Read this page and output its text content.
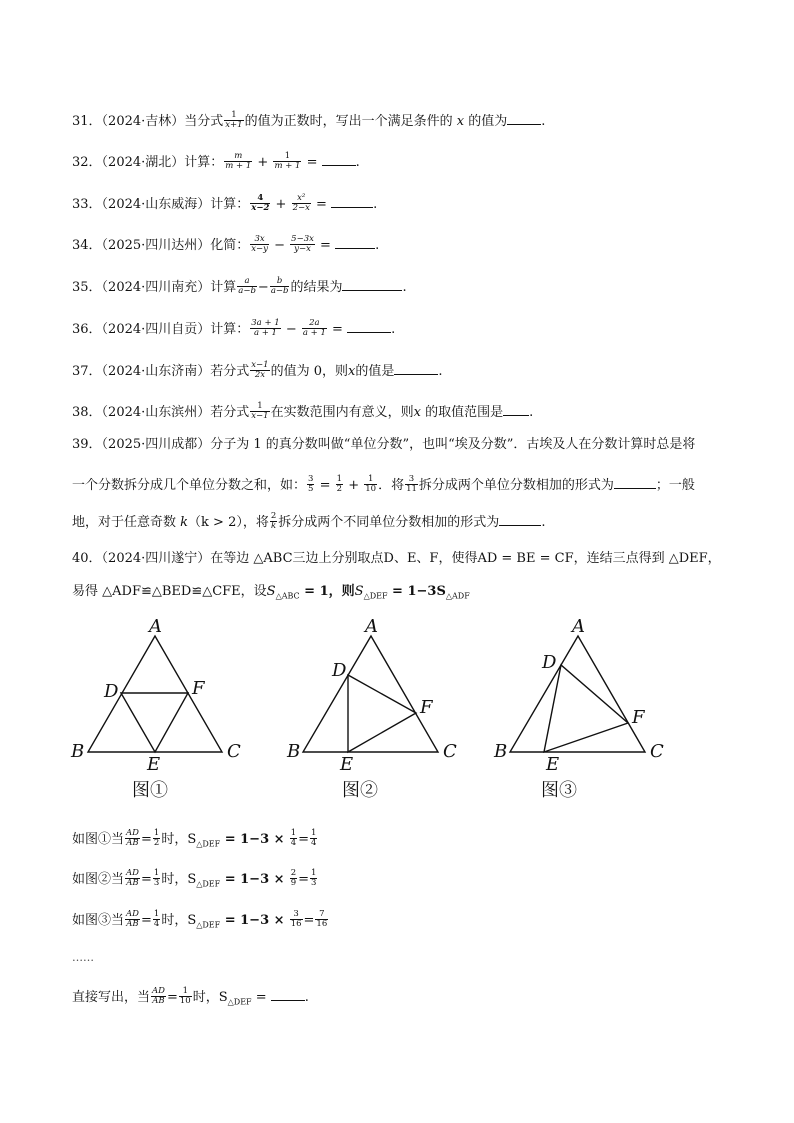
31．（2024·吉林）当分式 $\frac{1}{x+1}$ 的值为正数时，写出一个满足条件的 x 的值为	.
32．（2024·湖北）计算： $\frac{m}{m + 1} + \frac{1}{m + 1}$ =	.
33．（2024·山东威海）计算： $\frac{4}{x-2} + \frac{\text{x²}}{2-x}$ =	.
34．（2025·四川达州）化简： $\frac{3x}{x-y} - \frac{5-3x}{y-x}$ =	.
35．（2024·四川南充）计算 $\frac{a}{a-b} - \frac{b}{a-b}$ 的结果为	.
36．（2024·四川自贡）计算： $\frac{3a + 1}{a + 1} - \frac{2a}{a + 1}$ =	.
37．（2024·山东济南）若分式 $\frac{x-1}{2x}$ 的值为 0，则x的值是	.
38．（2024·山东滨州）若分式 $\frac{1}{x-1}$ 在实数范围内有意义，则x 的取值范围是 .
39．（2025·四川成都）分子为 1 的真分数叫做“单位分数”，也叫“埃及分数”．古埃及人在分数计算时总是将
一个分数拆分成几个单位分数之和，如： $\frac{3}{5} = \frac{1}{2} + \frac{1}{10}$ ．将 $\frac{3}{11}$ 拆分成两个单位分数相加的形式为	；一般
地，对于任意奇数 k（k > 2），将 $\frac{2}{k}$ 拆分成两个不同单位分数相加的形式为	.
40．（2024·四川遂宁）在等边 △ABC三边上分别取点D、E、F，使得AD = BE = CF，连结三点得到 △DEF，
易得 △ADF≌△BED≌△CFE，设$S_{\triangle ABC} = 1$，则$S_{\triangle DEF} = 1-3S_{\triangle ADF}$
A
D	F
B
E
C
A
D
F
B
E
C
A
D
F
B
E
C
图①	图②	图③
如图①当 $\frac{AD}{AB} = \frac{1}{2}$ 时，$S_{\triangle DEF} = 1-3 \times \frac{1}{4} = \frac{1}{4}$
如图②当 $\frac{AD}{AB} = \frac{1}{3}$ 时，$S_{\triangle DEF} = 1-3 \times \frac{2}{9} = \frac{1}{3}$
如图③当 $\frac{AD}{AB} = \frac{1}{4}$ 时，$S_{\triangle DEF} = 1-3 \times \frac{3}{16} = \frac{7}{16}$
……
直接写出，当 $\frac{AD}{AB} = \frac{1}{10}$ 时，$S_{\triangle DEF}$ =	.
